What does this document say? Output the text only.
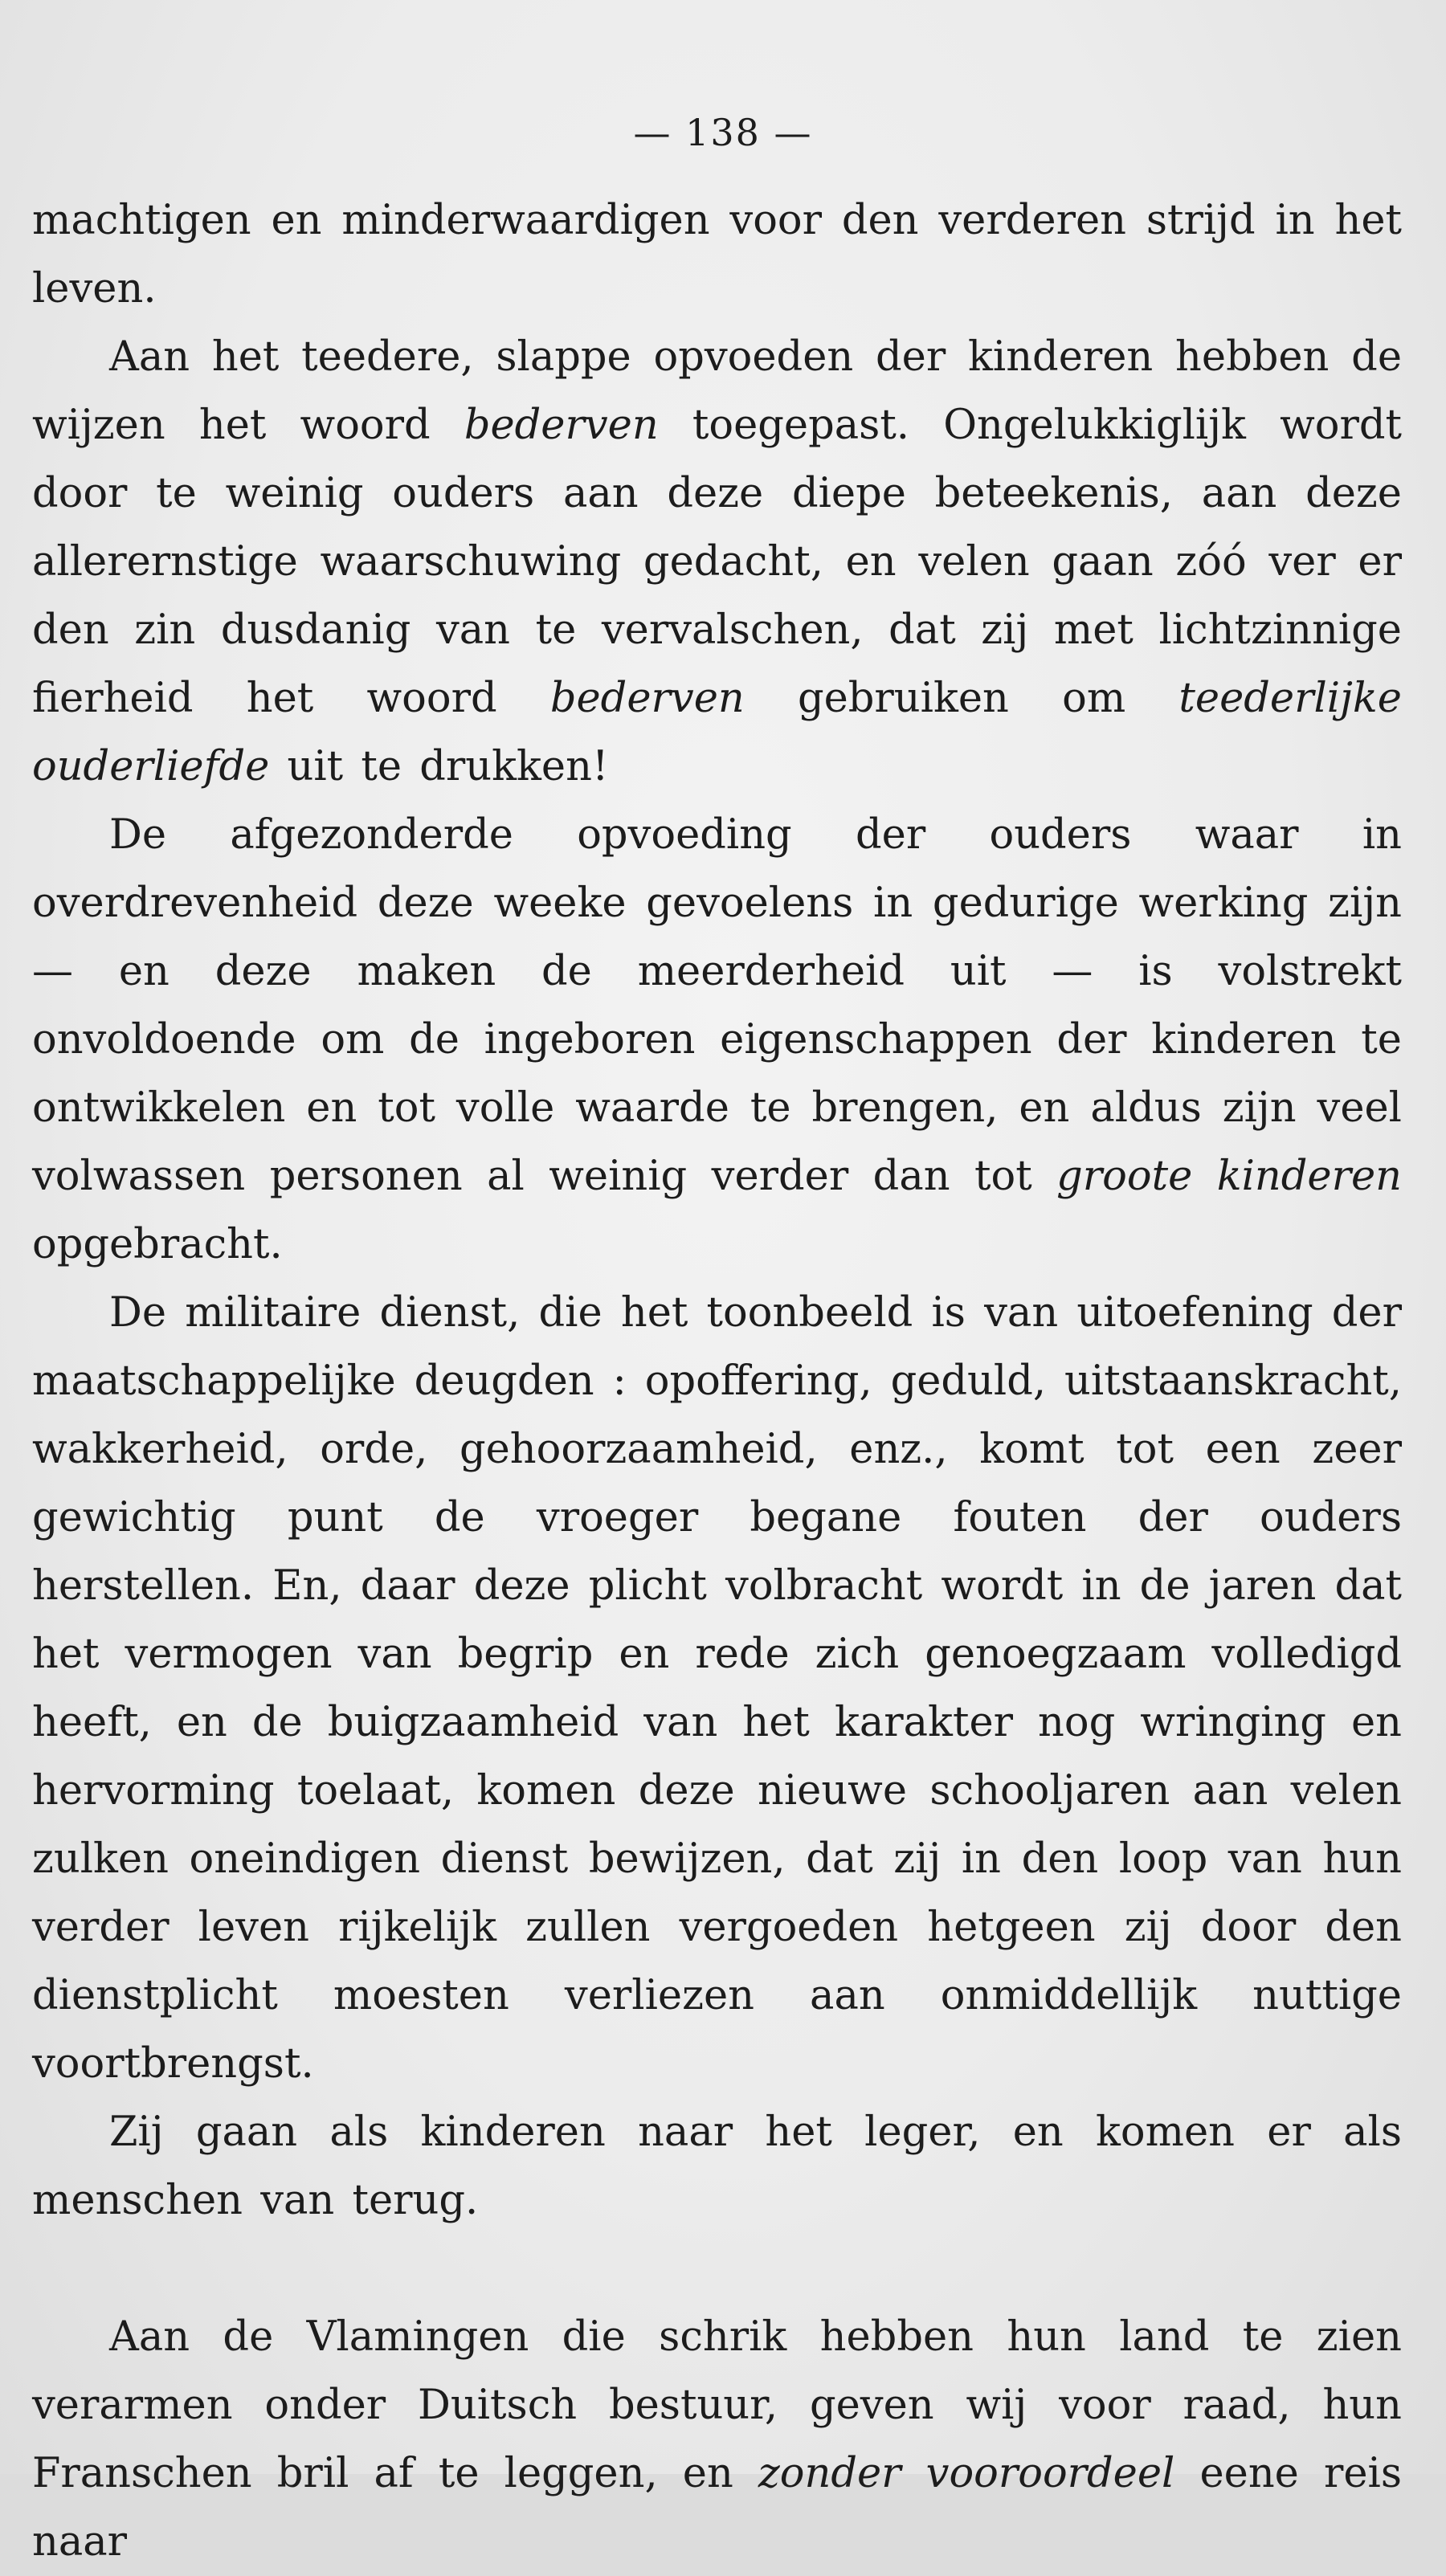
— 138 —

machtigen en minderwaardigen voor den verderen strijd in het leven.

Aan het teedere, slappe opvoeden der kinderen hebben de wijzen het woord bederven toegepast. Ongelukkiglijk wordt door te weinig ouders aan deze diepe beteekenis, aan deze allerernstige waarschuwing gedacht, en velen gaan zóó ver er den zin dusdanig van te vervalschen, dat zij met lichtzinnige fierheid het woord bederven gebruiken om teederlijke ouderliefde uit te drukken!

De afgezonderde opvoeding der ouders waar in overdrevenheid deze weeke gevoelens in gedurige werking zijn — en deze maken de meerderheid uit — is volstrekt onvoldoende om de ingeboren eigenschappen der kinderen te ontwikkelen en tot volle waarde te brengen, en aldus zijn veel volwassen personen al weinig verder dan tot groote kinderen opgebracht.

De militaire dienst, die het toonbeeld is van uitoefening der maatschappelijke deugden : opoffering, geduld, uitstaanskracht, wakkerheid, orde, gehoorzaamheid, enz., komt tot een zeer gewichtig punt de vroeger begane fouten der ouders herstellen. En, daar deze plicht volbracht wordt in de jaren dat het vermogen van begrip en rede zich genoegzaam volledigd heeft, en de buigzaamheid van het karakter nog wringing en hervorming toelaat, komen deze nieuwe schooljaren aan velen zulken oneindigen dienst bewijzen, dat zij in den loop van hun verder leven rijkelijk zullen vergoeden hetgeen zij door den dienstplicht moesten verliezen aan onmiddellijk nuttige voortbrengst.

Zij gaan als kinderen naar het leger, en komen er als menschen van terug.

Aan de Vlamingen die schrik hebben hun land te zien verarmen onder Duitsch bestuur, geven wij voor raad, hun Franschen bril af te leggen, en zonder vooroordeel eene reis naar
